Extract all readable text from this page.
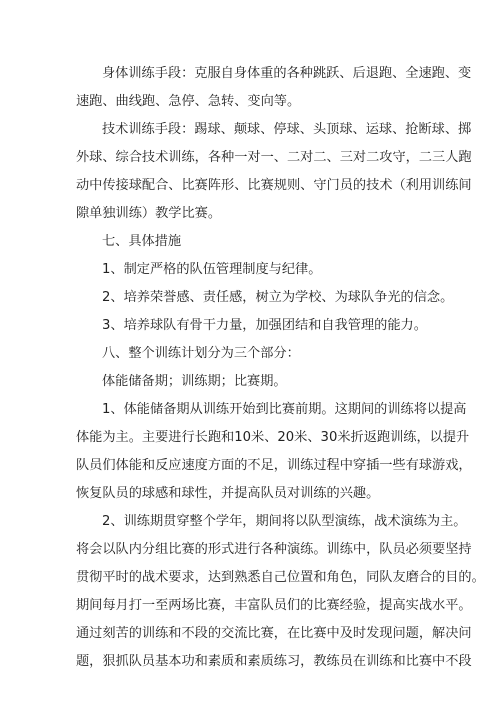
身体训练手段：克服自身体重的各种跳跃、后退跑、全速跑、变
速跑、曲线跑、急停、急转、变向等。
技术训练手段：踢球、颠球、停球、头顶球、运球、抢断球、掷
外球、综合技术训练，各种一对一、二对二、三对二攻守，二三人跑
动中传接球配合、比赛阵形、比赛规则、守门员的技术（利用训练间
隙单独训练）教学比赛。
七、具体措施
1、制定严格的队伍管理制度与纪律。
2、培养荣誉感、责任感，树立为学校、为球队争光的信念。
3、培养球队有骨干力量，加强团结和自我管理的能力。
八、整个训练计划分为三个部分：
体能储备期；训练期；比赛期。
1、体能储备期从训练开始到比赛前期。这期间的训练将以提高
体能为主。主要进行长跑和10米、20米、30米折返跑训练，以提升
队员们体能和反应速度方面的不足，训练过程中穿插一些有球游戏，
恢复队员的球感和球性，并提高队员对训练的兴趣。
2、训练期贯穿整个学年，期间将以队型演练，战术演练为主。
将会以队内分组比赛的形式进行各种演练。训练中，队员必须要坚持
贯彻平时的战术要求，达到熟悉自己位置和角色，同队友磨合的目的。
期间每月打一至两场比赛，丰富队员们的比赛经验，提高实战水平。
通过刻苦的训练和不段的交流比赛，在比赛中及时发现问题，解决问
题，狠抓队员基本功和素质和素质练习，教练员在训练和比赛中不段
